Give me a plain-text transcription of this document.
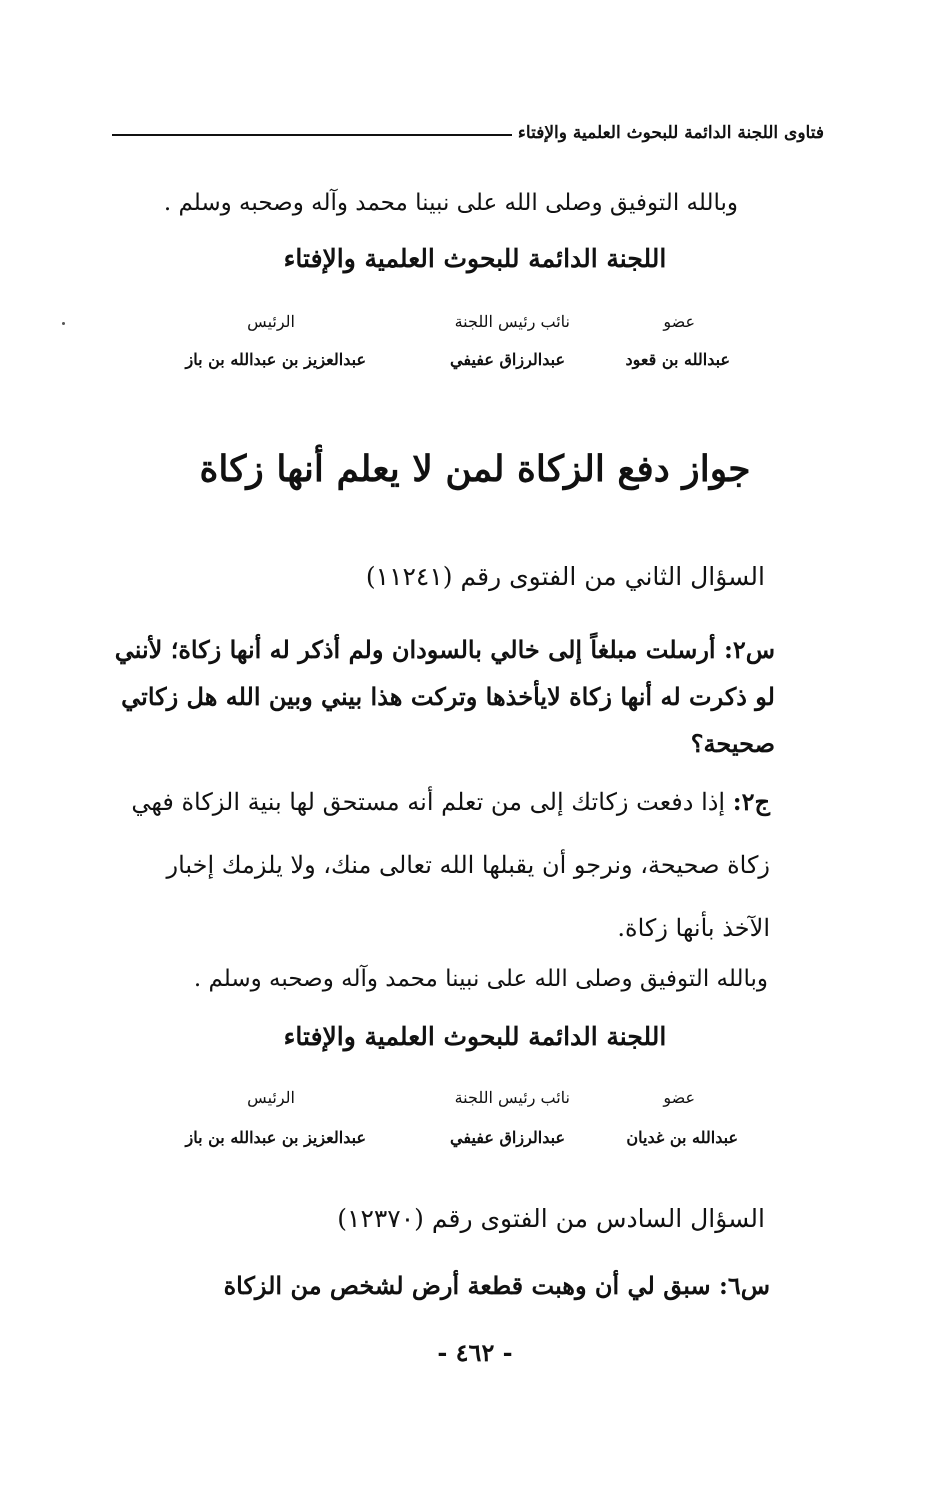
فتاوى اللجنة الدائمة للبحوث العلمية والإفتاء
وبالله التوفيق وصلى الله على نبينا محمد وآله وصحبه وسلم .
اللجنة الدائمة للبحوث العلمية والإفتاء
عضو
نائب رئيس اللجنة
الرئيس
عبدالله بن قعود
عبدالرزاق عفيفي
عبدالعزيز بن عبدالله بن باز
جواز دفع الزكاة لمن لا يعلم أنها زكاة
السؤال الثاني من الفتوى رقم (١١٢٤١)
س٢: أرسلت مبلغاً إلى خالي بالسودان ولم أذكر له أنها زكاة؛ لأنني لو ذكرت له أنها زكاة لايأخذها وتركت هذا بيني وبين الله هل زكاتي صحيحة؟
ج٢: إذا دفعت زكاتك إلى من تعلم أنه مستحق لها بنية الزكاة فهي زكاة صحيحة، ونرجو أن يقبلها الله تعالى منك، ولا يلزمك إخبار الآخذ بأنها زكاة.
وبالله التوفيق وصلى الله على نبينا محمد وآله وصحبه وسلم .
اللجنة الدائمة للبحوث العلمية والإفتاء
عضو
نائب رئيس اللجنة
الرئيس
عبدالله بن غديان
عبدالرزاق عفيفي
عبدالعزيز بن عبدالله بن باز
السؤال السادس من الفتوى رقم (١٢٣٧٠)
س٦: سبق لي أن وهبت قطعة أرض لشخص من الزكاة
- ٤٦٢ -
